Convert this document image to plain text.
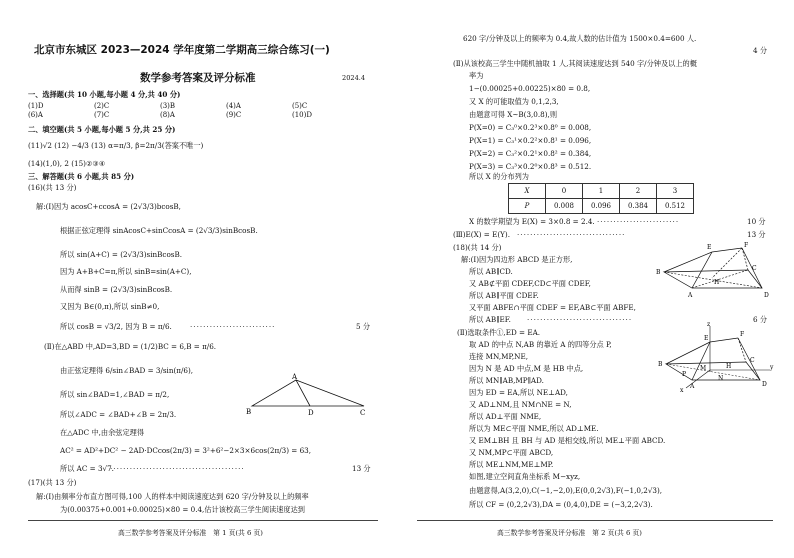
北京市东城区 2023—2024 学年度第二学期高三综合练习(一)
数学参考答案及评分标准	2024.4
一、选择题(共 10 小题,每小题 4 分,共 40 分)
(1)D	(2)C	(3)B	(4)A	(5)C
(6)A	(7)C	(8)A	(9)C	(10)D
二、填空题(共 5 小题,每小题 5 分,共 25 分)
(11)√2 (12) −4/3 (13) α=π/3, β=2π/3(答案不唯一)
(14)(1,0), 2 (15)②③④
三、解答题(共 6 小题,共 85 分)
(16)(共 13 分)
解:(Ⅰ)因为 acosC+ccosA = (2√3/3)bcosB,
根据正弦定理得 sinAcosC+sinCcosA = (2√3/3)sinBcosB.
所以 sin(A+C) = (2√3/3)sinBcosB.
因为 A+B+C=π,所以 sinB=sin(A+C),
从而得 sinB = (2√3/3)sinBcosB.
又因为 B∈(0,π),所以 sinB≠0,
所以 cosB = √3/2, 因为 B = π/6.	··························	5 分
(Ⅱ)在△ABD 中,AD=3,BD = (1/2)BC = 6,B = π/6.
由正弦定理得 6/sin∠BAD = 3/sin(π/6),
所以 sin∠BAD=1,∠BAD = π/2,
所以∠ADC = ∠BAD+∠B = 2π/3.
在△ADC 中,由余弦定理得
AC² = AD²+DC² − 2AD·DCcos(2π/3) = 3²+6²−2×3×6cos(2π/3) = 63,
所以 AC = 3√7.
·········································	13 分
(17)(共 13 分)
解:(Ⅰ)由频率分布直方图可得,100 人的样本中阅读速度达到 620 字/分钟及以上的频率
为(0.00375+0.001+0.00025)×80 = 0.4,估计该校高三学生阅读速度达到
A
B	D	C
高三数学参考答案及评分标准　第 1 页(共 6 页)
620 字/分钟及以上的频率为 0.4,故人数的估计值为 1500×0.4=600 人.
4 分
(Ⅱ)从该校高三学生中随机抽取 1 人,其阅读速度达到 540 字/分钟及以上的概
率为
1−(0.00025+0.00225)×80 = 0.8,
又 X 的可能取值为 0,1,2,3,
由题意可得 X~B(3,0.8),则
P(X=0) = C₃⁰×0.2³×0.8⁰ = 0.008,
P(X=1) = C₃¹×0.2²×0.8¹ = 0.096,
P(X=2) = C₃²×0.2¹×0.8² = 0.384,
P(X=3) = C₃³×0.2⁰×0.8³ = 0.512.
所以 X 的分布列为
X	0	1	2	3
P	0.008	0.096	0.384	0.512
X 的数学期望为 E(X) = 3×0.8 = 2.4. ·························	10 分
(Ⅲ)E(X) = E(Y). ·································	13 分
(18)(共 14 分)
解:(Ⅰ)因为四边形 ABCD 是正方形,
所以 AB∥CD.
又 AB⊄平面 CDEF,CD⊂平面 CDEF,
所以 AB∥平面 CDEF.
又平面 ABFE∩平面 CDEF = EF,AB⊂平面 ABFE,
所以 AB∥EF. ································	6 分
(Ⅱ)选取条件①,ED = EA.
取 AD 的中点 N,AB 的靠近 A 的四等分点 P,
连接 MN,MP,NE,
因为 N 是 AD 中点,M 是 HB 中点,
所以 MN∥AB,MP∥AD.
因为 ED = EA,所以 NE⊥AD,
又 AD⊥NM,且 NM∩NE = N,
所以 AD⊥平面 NME,
所以为 ME⊂平面 NME,所以 AD⊥ME.
又 EM⊥BH 且 BH 与 AD 是相交线,所以 ME⊥平面 ABCD.
又 NM,MP⊂平面 ABCD,
所以 ME⊥NM,ME⊥MP.
如图,建立空间直角坐标系 M−xyz,
由题意得,A(3,2,0),C(−1,−2,0),E(0,0,2√3),F(−1,0,2√3),
所以 CF = (0,2,2√3),DA = (0,4,0),DE = (−3,2,2√3).
B
A	D
C
E	F
H
z
y
x
B
A	D
C
E
F
M
N
P
H
高三数学参考答案及评分标准　第 2 页(共 6 页)
